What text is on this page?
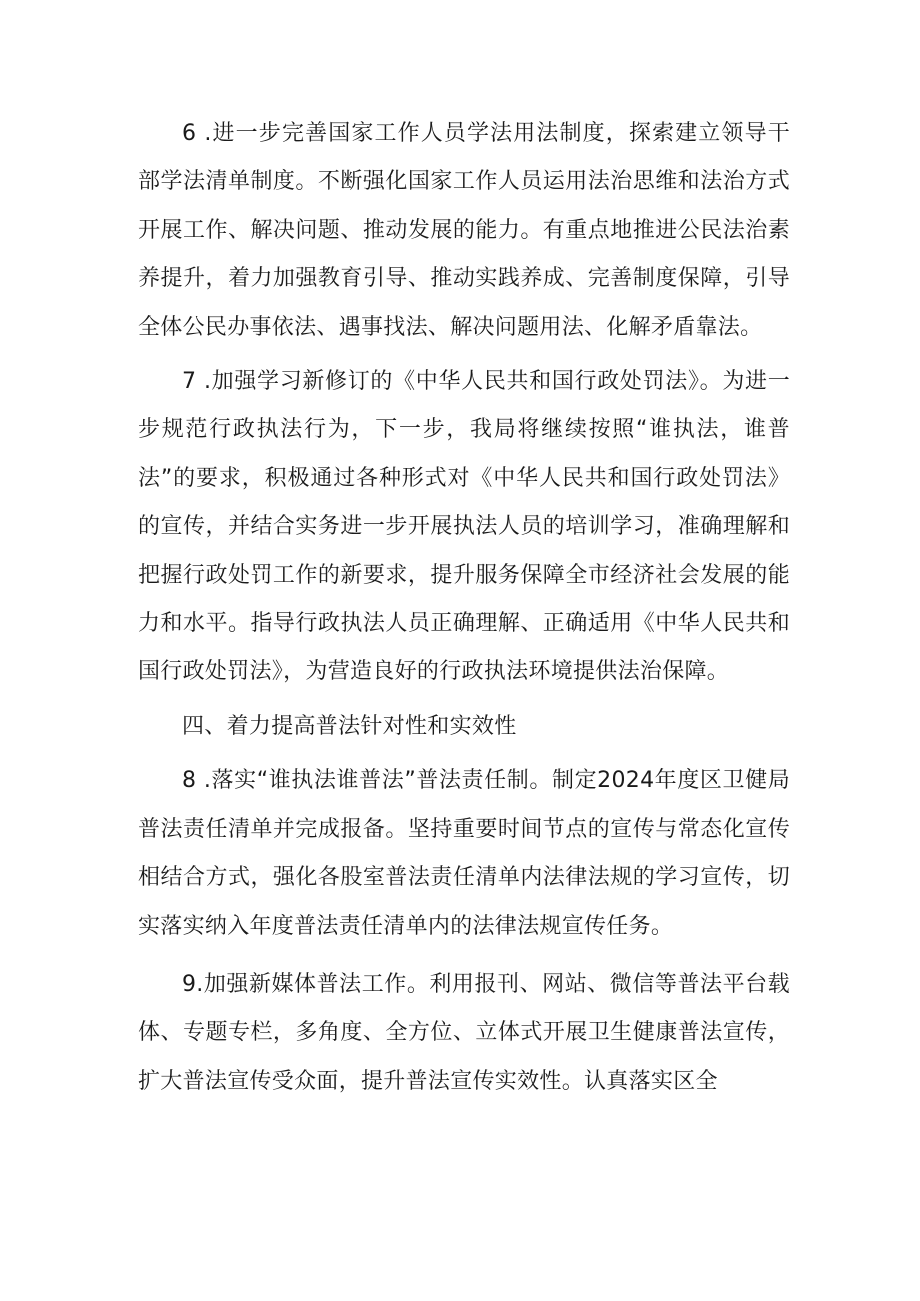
6 .进一步完善国家工作人员学法用法制度，探索建立领导干部学法清单制度。不断强化国家工作人员运用法治思维和法治方式开展工作、解决问题、推动发展的能力。有重点地推进公民法治素养提升，着力加强教育引导、推动实践养成、完善制度保障，引导全体公民办事依法、遇事找法、解决问题用法、化解矛盾靠法。

7 .加强学习新修订的《中华人民共和国行政处罚法》。为进一步规范行政执法行为，下一步，我局将继续按照“谁执法，谁普法”的要求，积极通过各种形式对《中华人民共和国行政处罚法》的宣传，并结合实务进一步开展执法人员的培训学习，准确理解和把握行政处罚工作的新要求，提升服务保障全市经济社会发展的能力和水平。指导行政执法人员正确理解、正确适用《中华人民共和国行政处罚法》，为营造良好的行政执法环境提供法治保障。

四、着力提高普法针对性和实效性

8 .落实“谁执法谁普法”普法责任制。制定2024年度区卫健局普法责任清单并完成报备。坚持重要时间节点的宣传与常态化宣传相结合方式，强化各股室普法责任清单内法律法规的学习宣传，切实落实纳入年度普法责任清单内的法律法规宣传任务。

9.加强新媒体普法工作。利用报刊、网站、微信等普法平台载体、专题专栏，多角度、全方位、立体式开展卫生健康普法宣传，扩大普法宣传受众面，提升普法宣传实效性。认真落实区全
